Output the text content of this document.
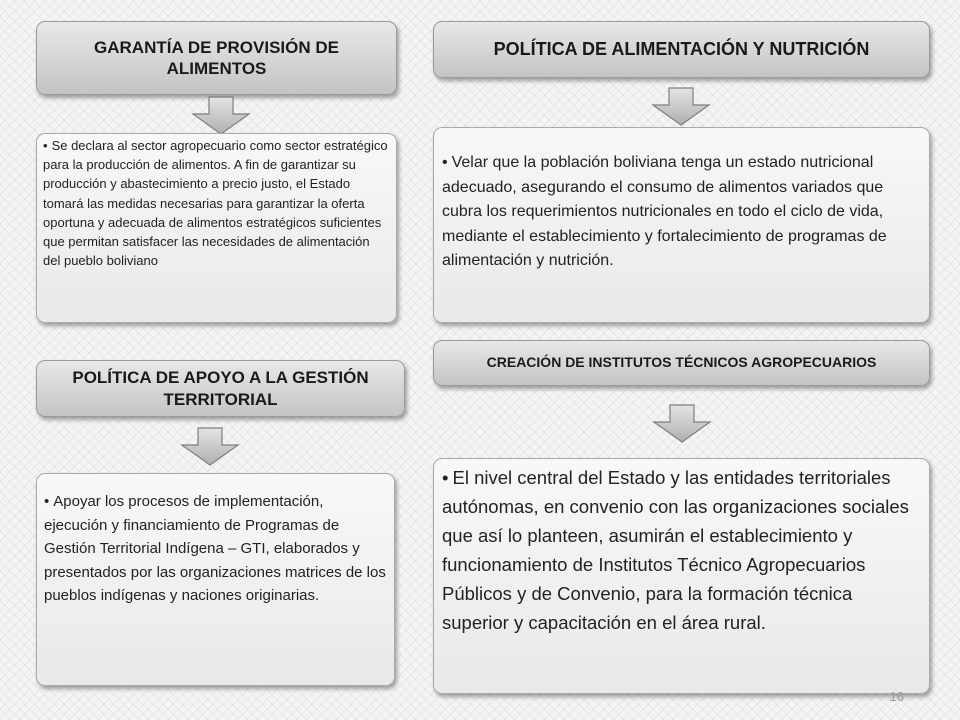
GARANTÍA DE PROVISIÓN DE ALIMENTOS

• Se declara al sector agropecuario como sector estratégico para la producción de alimentos. A fin de garantizar su producción y abastecimiento a precio justo, el Estado tomará las medidas necesarias para garantizar la oferta oportuna y adecuada de alimentos estratégicos suficientes que permitan satisfacer las necesidades de alimentación del pueblo boliviano

POLÍTICA DE ALIMENTACIÓN Y NUTRICIÓN

• Velar que la población boliviana tenga un estado nutricional adecuado, asegurando el consumo de alimentos variados que cubra los requerimientos nutricionales en todo el ciclo de vida, mediante el establecimiento y fortalecimiento de programas de alimentación y nutrición.

POLÍTICA DE APOYO A LA GESTIÓN TERRITORIAL

• Apoyar los procesos de implementación, ejecución y financiamiento de Programas de Gestión Territorial Indígena – GTI, elaborados y presentados por las organizaciones matrices de los pueblos indígenas y naciones originarias.

CREACIÓN DE INSTITUTOS TÉCNICOS AGROPECUARIOS

• El nivel central del Estado y las entidades territoriales autónomas, en convenio con las organizaciones sociales que así lo planteen, asumirán el establecimiento y funcionamiento de Institutos Técnico Agropecuarios Públicos y de Convenio, para la formación técnica superior y capacitación en el área rural.

16
